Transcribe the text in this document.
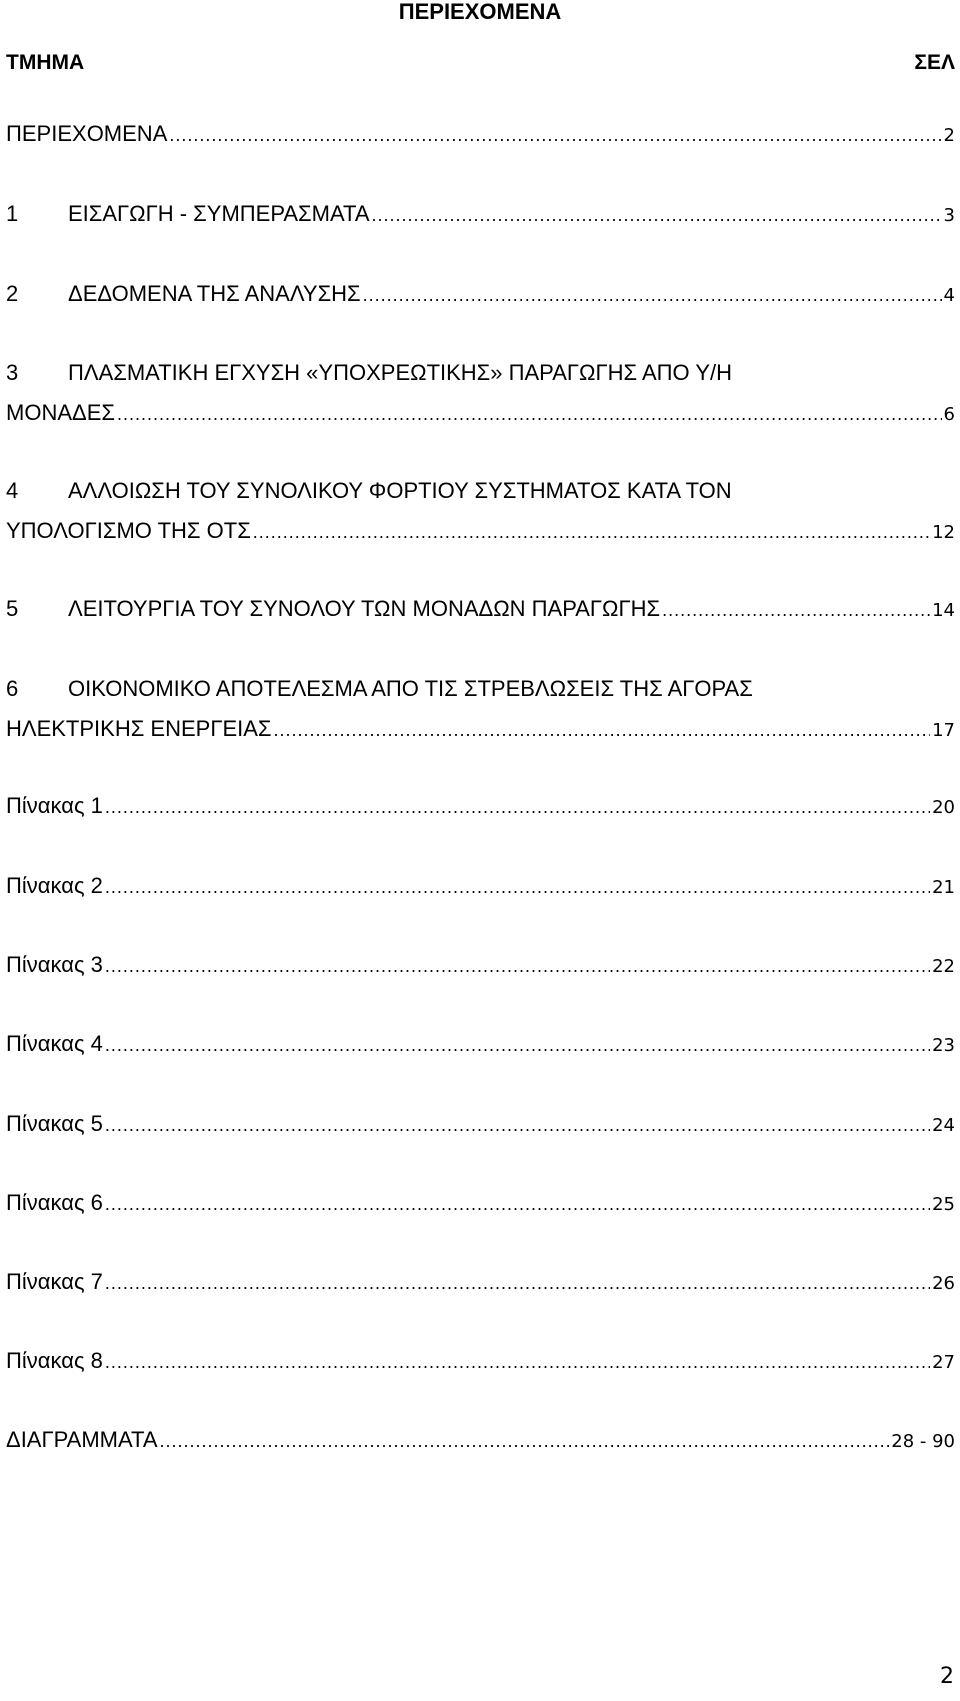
ΠΕΡΙΕΧΟΜΕΝΑ
ΤΜΗΜΑ	ΣΕΛ
ΠΕΡΙΕΧΟΜΕΝΑ .....	2
1	ΕΙΣΑΓΩΓΗ - ΣΥΜΠΕΡΑΣΜΑΤΑ .....	3
2	ΔΕΔΟΜΕΝΑ ΤΗΣ ΑΝΑΛΥΣΗΣ .....	4
3	ΠΛΑΣΜΑΤΙΚΗ ΕΓΧΥΣΗ «ΥΠΟΧΡΕΩΤΙΚΗΣ» ΠΑΡΑΓΩΓΗΣ ΑΠΟ Υ/Η
ΜΟΝΑΔΕΣ .....	6
4	ΑΛΛΟΙΩΣΗ ΤΟΥ ΣΥΝΟΛΙΚΟΥ ΦΟΡΤΙΟΥ ΣΥΣΤΗΜΑΤΟΣ ΚΑΤΑ ΤΟΝ
ΥΠΟΛΟΓΙΣΜΟ ΤΗΣ ΟΤΣ .....	12
5	ΛΕΙΤΟΥΡΓΙΑ ΤΟΥ ΣΥΝΟΛΟΥ ΤΩΝ ΜΟΝΑΔΩΝ ΠΑΡΑΓΩΓΗΣ .....	14
6	ΟΙΚΟΝΟΜΙΚΟ ΑΠΟΤΕΛΕΣΜΑ ΑΠΟ ΤΙΣ ΣΤΡΕΒΛΩΣΕΙΣ ΤΗΣ ΑΓΟΡΑΣ
ΗΛΕΚΤΡΙΚΗΣ ΕΝΕΡΓΕΙΑΣ .....	17
Πίνακας 1 .....	20
Πίνακας 2 .....	21
Πίνακας 3 .....	22
Πίνακας 4 .....	23
Πίνακας 5 .....	24
Πίνακας 6 .....	25
Πίνακας 7 .....	26
Πίνακας 8 .....	27
ΔΙΑΓΡΑΜΜΑΤΑ .....	28 - 90
2
